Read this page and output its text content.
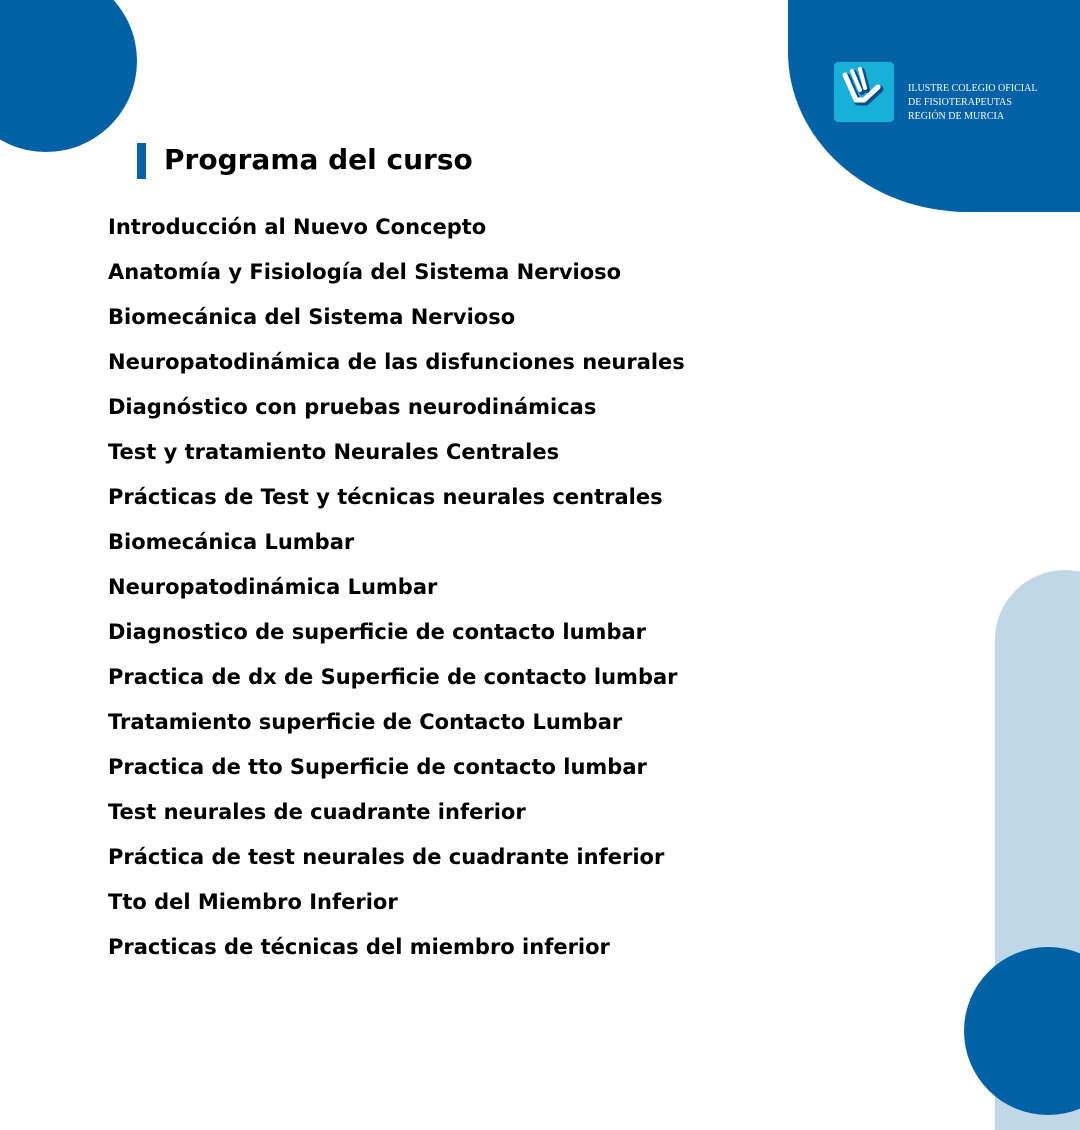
ILUSTRE COLEGIO OFICIAL
DE FISIOTERAPEUTAS
REGIÓN DE MURCIA
Programa del curso
Introducción al Nuevo Concepto
Anatomía y Fisiología del Sistema Nervioso
Biomecánica del Sistema Nervioso
Neuropatodinámica de las disfunciones neurales
Diagnóstico con pruebas neurodinámicas
Test y tratamiento Neurales Centrales
Prácticas de Test y técnicas neurales centrales
Biomecánica Lumbar
Neuropatodinámica Lumbar
Diagnostico de superficie de contacto lumbar
Practica de dx de Superficie de contacto lumbar
Tratamiento superficie de Contacto Lumbar
Practica de tto Superficie de contacto lumbar
Test neurales de cuadrante inferior
Práctica de test neurales de cuadrante inferior
Tto del Miembro Inferior
Practicas de técnicas del miembro inferior
